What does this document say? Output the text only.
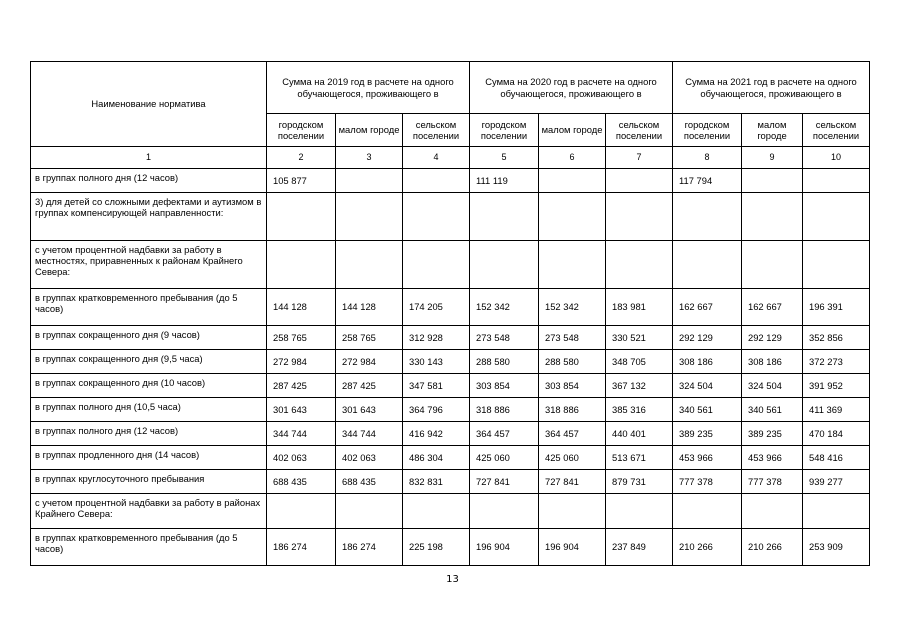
Наименование норматива	Сумма на 2019 год в расчете на одного обучающегося, проживающего в			Сумма на 2020 год в расчете на одного обучающегося, проживающего в			Сумма на 2021 год в расчете на одного обучающегося, проживающего в		
	городском поселении	малом городе	сельском поселении	городском поселении	малом городе	сельском поселении	городском поселении	малом городе	сельском поселении
1	2	3	4	5	6	7	8	9	10
в группах полного дня (12 часов)	105 877			111 119			117 794		
3) для детей со сложными дефектами и аутизмом в группах компенсирующей направленности:									
с учетом процентной надбавки за работу в местностях, приравненных к районам Крайнего Севера:									
в группах кратковременного пребывания (до 5 часов)	144 128	144 128	174 205	152 342	152 342	183 981	162 667	162 667	196 391
в группах сокращенного дня (9 часов)	258 765	258 765	312 928	273 548	273 548	330 521	292 129	292 129	352 856
в группах сокращенного дня (9,5 часа)	272 984	272 984	330 143	288 580	288 580	348 705	308 186	308 186	372 273
в группах сокращенного дня (10 часов)	287 425	287 425	347 581	303 854	303 854	367 132	324 504	324 504	391 952
в группах полного дня (10,5 часа)	301 643	301 643	364 796	318 886	318 886	385 316	340 561	340 561	411 369
в группах полного дня (12 часов)	344 744	344 744	416 942	364 457	364 457	440 401	389 235	389 235	470 184
в группах продленного дня (14 часов)	402 063	402 063	486 304	425 060	425 060	513 671	453 966	453 966	548 416
в группах круглосуточного пребывания	688 435	688 435	832 831	727 841	727 841	879 731	777 378	777 378	939 277
с учетом процентной надбавки за работу в районах Крайнего Севера:									
в группах кратковременного пребывания (до 5 часов)	186 274	186 274	225 198	196 904	196 904	237 849	210 266	210 266	253 909
13
